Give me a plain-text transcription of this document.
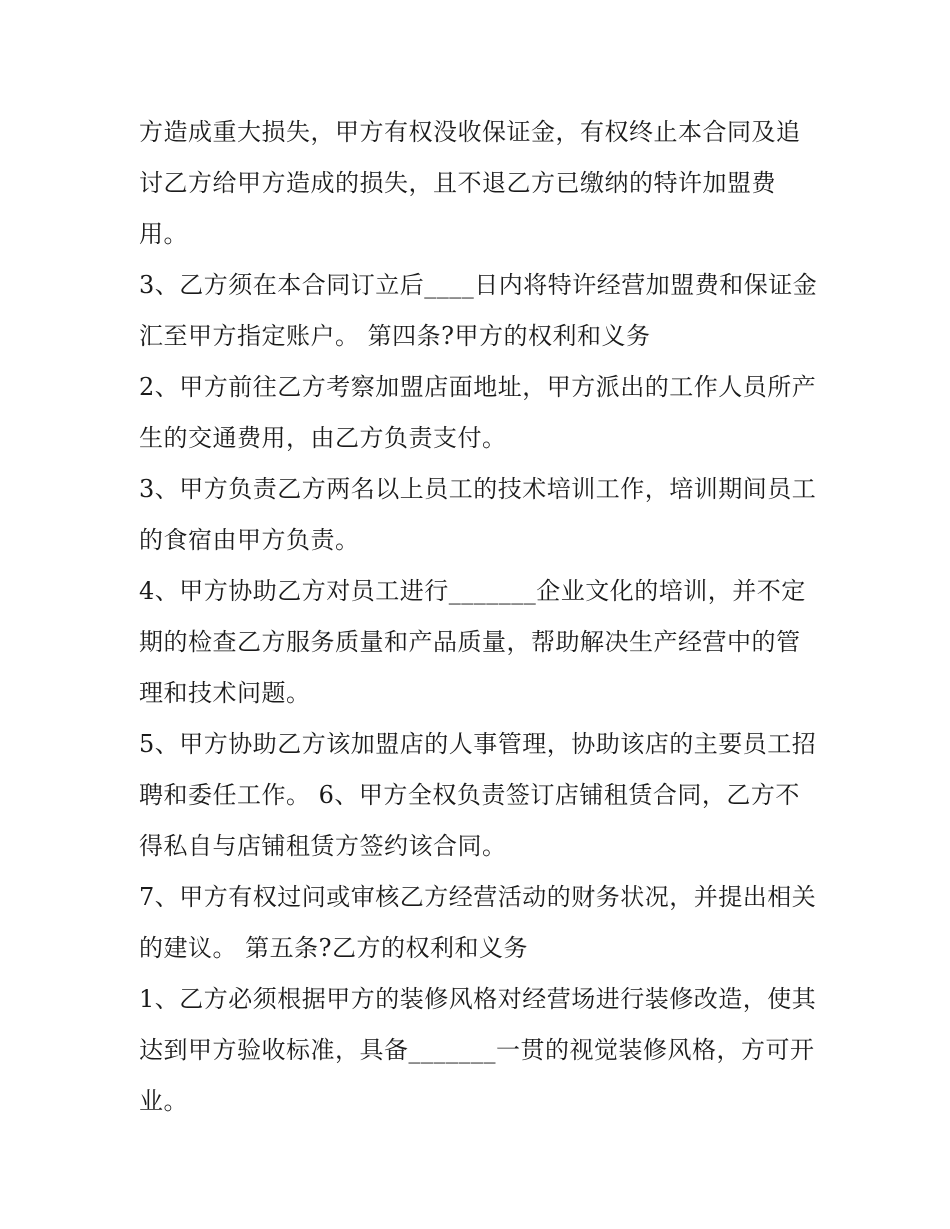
方造成重大损失，甲方有权没收保证金，有权终止本合同及追讨乙方给甲方造成的损失，且不退乙方已缴纳的特许加盟费用。

3、乙方须在本合同订立后____日内将特许经营加盟费和保证金汇至甲方指定账户。 第四条?甲方的权利和义务

2、甲方前往乙方考察加盟店面地址，甲方派出的工作人员所产生的交通费用，由乙方负责支付。

3、甲方负责乙方两名以上员工的技术培训工作，培训期间员工的食宿由甲方负责。

4、甲方协助乙方对员工进行_______企业文化的培训，并不定期的检查乙方服务质量和产品质量，帮助解决生产经营中的管理和技术问题。

5、甲方协助乙方该加盟店的人事管理，协助该店的主要员工招聘和委任工作。 6、甲方全权负责签订店铺租赁合同，乙方不得私自与店铺租赁方签约该合同。

7、甲方有权过问或审核乙方经营活动的财务状况，并提出相关的建议。 第五条?乙方的权利和义务

1、乙方必须根据甲方的装修风格对经营场进行装修改造，使其达到甲方验收标准，具备_______一贯的视觉装修风格，方可开业。
